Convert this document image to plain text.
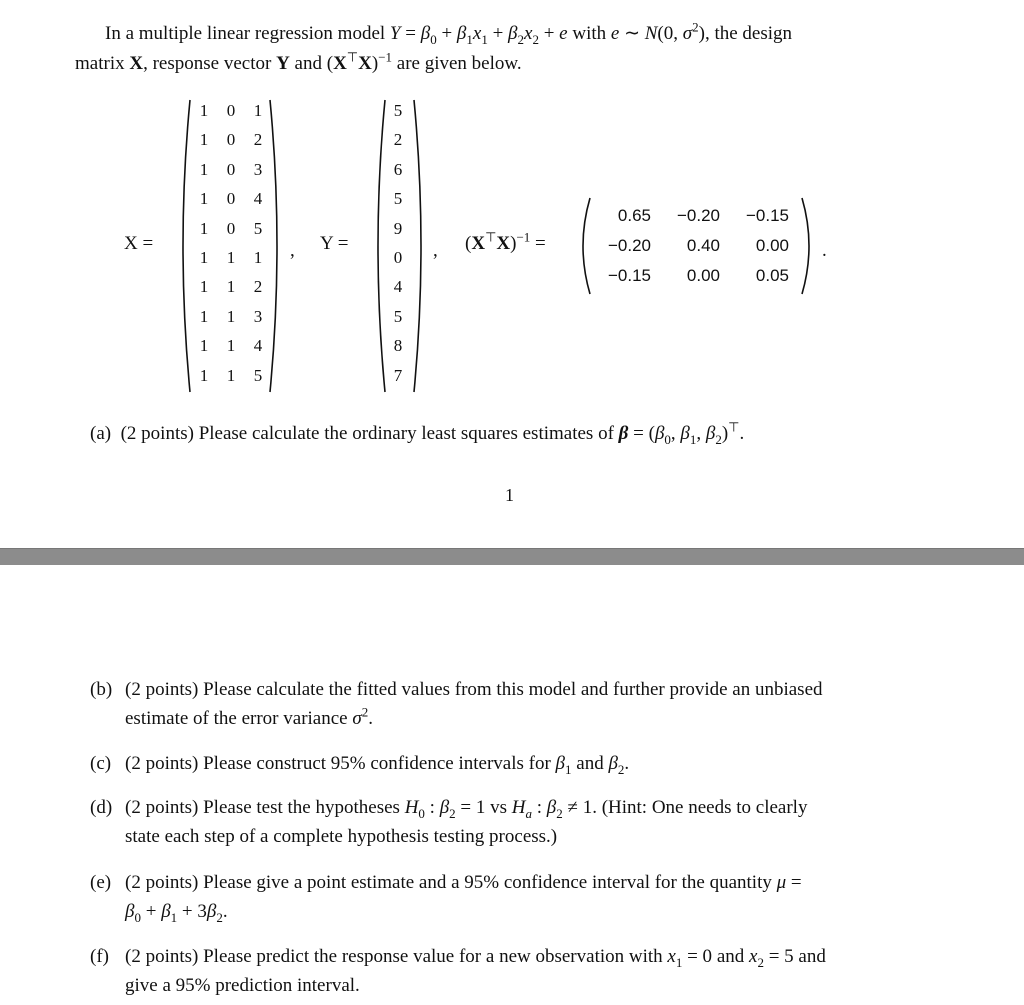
In a multiple linear regression model $Y = \beta_0 + \beta_1x_1 + \beta_2x_2 + e$ with e ∼ N(0, $\sigma^2$), the design
matrix X, response vector Y and $(X^⊤X)^{-1}$ are given below.
X =
1	0	1
1	0	2
1	0	3
1	0	4
1	0	5
1	1	1
1	1	2
1	1	3
1	1	4
1	1	5
, Y =
5
2
6
5
9
0
4
5
8
7
, $(X^⊤X)^{-1}$ =
0.65	−0.20	−0.15
−0.20	0.40	0.00
−0.15	0.00	0.05
.
(a) (2 points) Please calculate the ordinary least squares estimates of $\beta = (\beta_0$, $\beta_1$, $\beta_2)^⊤$.
1
(b) (2 points) Please calculate the fitted values from this model and further provide an unbiased
estimate of the error variance $\sigma^2$.
(c) (2 points) Please construct 95% confidence intervals for $\beta_1$ and $\beta_2$.
(d) (2 points) Please test the hypotheses $H_0$ : $\beta_2 = 1$ vs $H_a$ : $\beta_2 \ne 1$. (Hint: One needs to clearly
state each step of a complete hypothesis testing process.)
(e) (2 points) Please give a point estimate and a 95% confidence interval for the quantity μ =
$\beta_0 + \beta_1 + 3\beta_2$.
(f) (2 points) Please predict the response value for a new observation with $x_1 = 0$ and $x_2 = 5$ and
give a 95% prediction interval.
